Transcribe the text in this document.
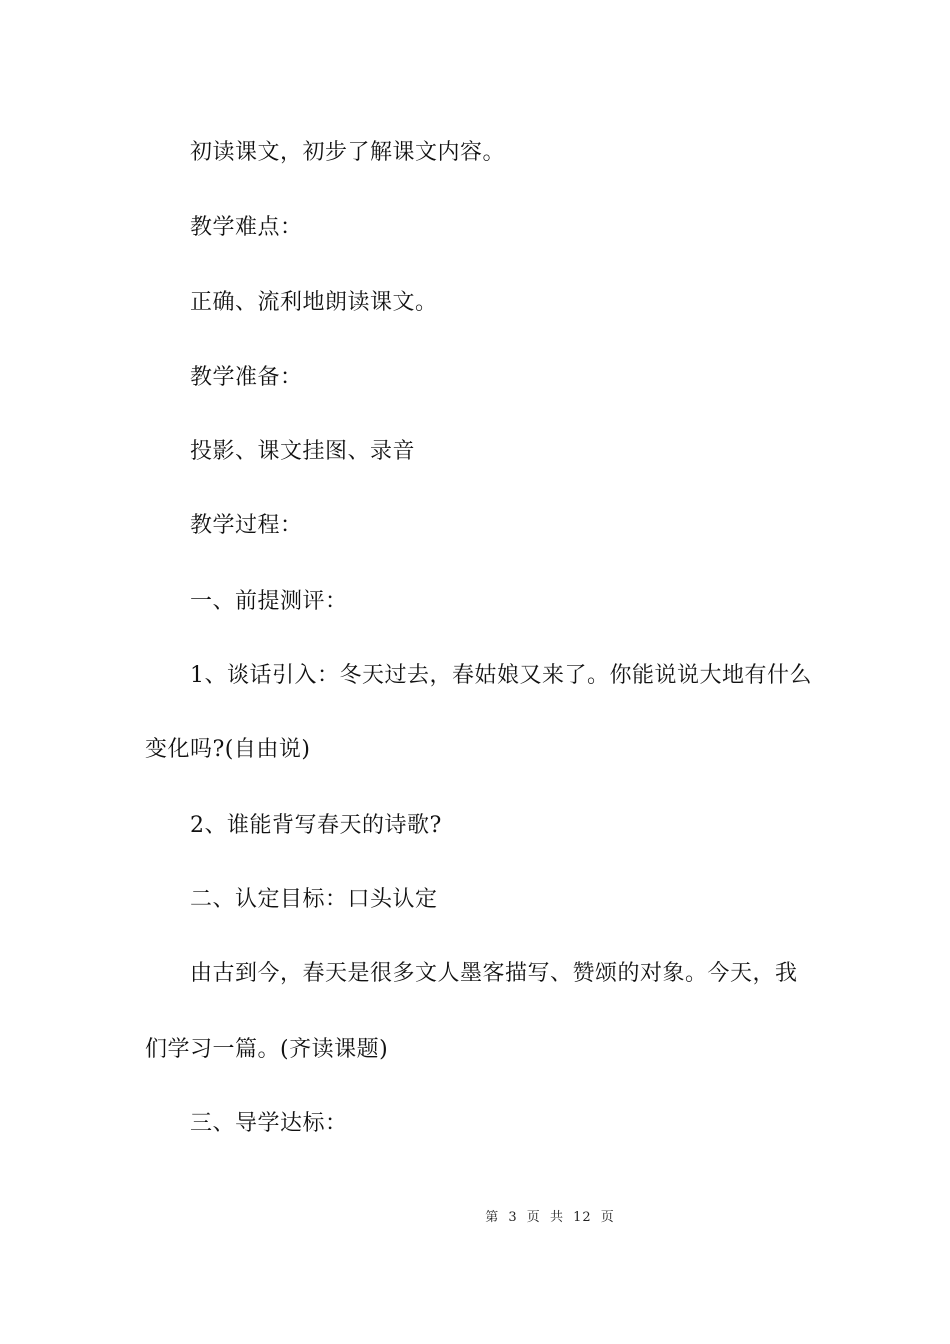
初读课文，初步了解课文内容。
教学难点：
正确、流利地朗读课文。
教学准备：
投影、课文挂图、录音
教学过程：
一、前提测评：
1、谈话引入：冬天过去，春姑娘又来了。你能说说大地有什么
变化吗?(自由说)
2、谁能背写春天的诗歌?
二、认定目标：口头认定
由古到今，春天是很多文人墨客描写、赞颂的对象。今天，我
们学习一篇。(齐读课题)
三、导学达标：
第 3 页 共 12 页
